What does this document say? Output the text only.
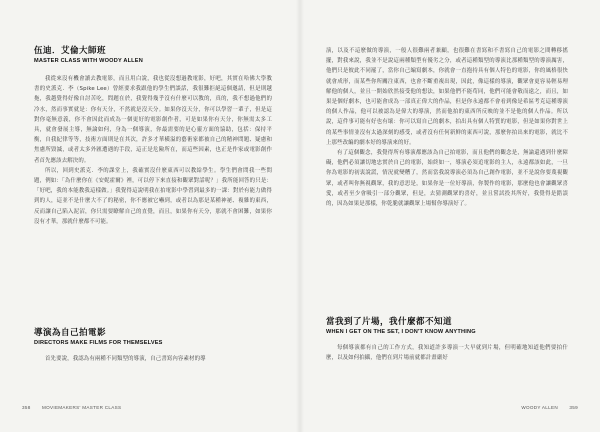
伍迪．艾倫大師班
MASTER CLASS WITH WOODY ALLEN

我從來沒有機會讀去教電影，而且用白說，我也從沒想過教電影，好吧，其實在哈佛大學教書的史派克．李（Spike Lee）曾經要求我跟他的學生們談話，我很難拒絕這個邀請，但是則越拖，我越覺得好像自討苦吃，問題在於，我覺得幾乎沒有什麼可以教的，真的，我不想過他們的冷水，然而事實就是：你有天分，不然就是沒天分。如果你沒天分，你可以學習一輩子，但是這對你毫無意義，你不會因此而成為一個更好的電影創作者，可是如果你有天分，你無需太多工具，就會發展主導，無論如何，身為一個導演，你最需要的是心靈方面的協助，包括：保持平衡，自我紀律等等，技術方面則是在其次，許多才華橫溢的藝術家都被自己的精神問題、疑慮和焦慮所毀滅，或者太多外匯遭遇的手段，這正是危險所在，而這些因素，也正是作家或電影創作者首先應該去解決的。

所以，回到史派克．李的課堂上，我確實沒什麼東西可以教給學生。學生們會問我一些問題，例如：「為什麼你在《安妮霍爾》裡，可以停下來直接和觀眾對話呢？」我所能回答的只是：「好吧，我的本能教我這樣做。」我覺得這說明我在拍電影中學習到最多的一課：對於有能力做得到的人，這並不是什麼大不了的秘密，你不應被它嚇到，或者以為那是某種神祕、複雜的東西，反而讓自己陷入泥沼，你只需要瞭解自己的直覺，而且，如果你有天分，那就不會困難，如果你沒有才華，那就什麼都不可能。

導演為自己拍電影
DIRECTORS MAKE FILMS FOR THEMSELVES

首先要說，我認為有兩種不同類型的導演，自己書寫內容素材的導

358 MOVIEMAKERS' MASTER CLASS

演，以及不這麼做的導演，一般人很難兩者兼顧，也很難在書寫和不書寫自己的電影之間轉移搖擺，對我來說，我並不是說這兩種類型有優劣之分，或者這種類型的導演比那種類型的導演厲害，他們只是彼此不同罷了，當你自己編寫劇本，你就會一直抱持具有個人特色的電影，你的風格很快就會成形，而某些你所關注東西，也會不斷重複出現，因此，像這樣的導演，觀眾會更容易輕易理解他的個人，並且一開始欣然接受他的想法，如果他們不能苟同，他們可能會敬而遠之，而且，如果是個好劇本，也可能會成為一部真正偉大的作品，但是你永遠都不會看到像是希區考克這種導演的個人作品，他可以被認為是偉大的導演，然而他拍的東西所反映的並不是他的個人作品。所以說，這件事可能有好也有壞：你可以寫自己的劇本，拍出具有個人特質的電影，但是如果你對世上的某些事情並沒有太過深刻的感受，或者沒有任何新鮮的東西可說，那麼你拍出來的電影，就比不上那些改編的劇本好的導演來的好。

有了這個觀念，我覺得所有導演都應該為自己拍電影，而且他們的觀念是，無論還遇到什麼障礙，他們必須讓切地忠實於自己的電影，始終如一，導演必須追電影的主人，永遠都該如此，一旦你為電影的初衷說謊，情況就變糟了，然而當我說導演必須為自己創作電影，並不是說你要蔑視觀眾，或者叫你無視觀眾，我的意思是，如果你是一位好導演，你製作的電影，那麼他也會讓觀眾喜愛，或者至少會吸引一部分觀眾，但是，去猜測觀眾的喜好，並且嘗試投其所好，我覺得是錯誤的，因為如果是那樣，你乾脆就讓觀眾上場幫你導演好了。

當我到了片場，我什麼都不知道
WHEN I GET ON THE SET, I DON'T KNOW ANYTHING

每個導演都有自己的工作方式，我知道許多導演一大早就到片場，但明確地知道他們要拍什麼，以及如何拍攝，他們在到片場前就都計畫嚴好

WOODY ALLEN 359
